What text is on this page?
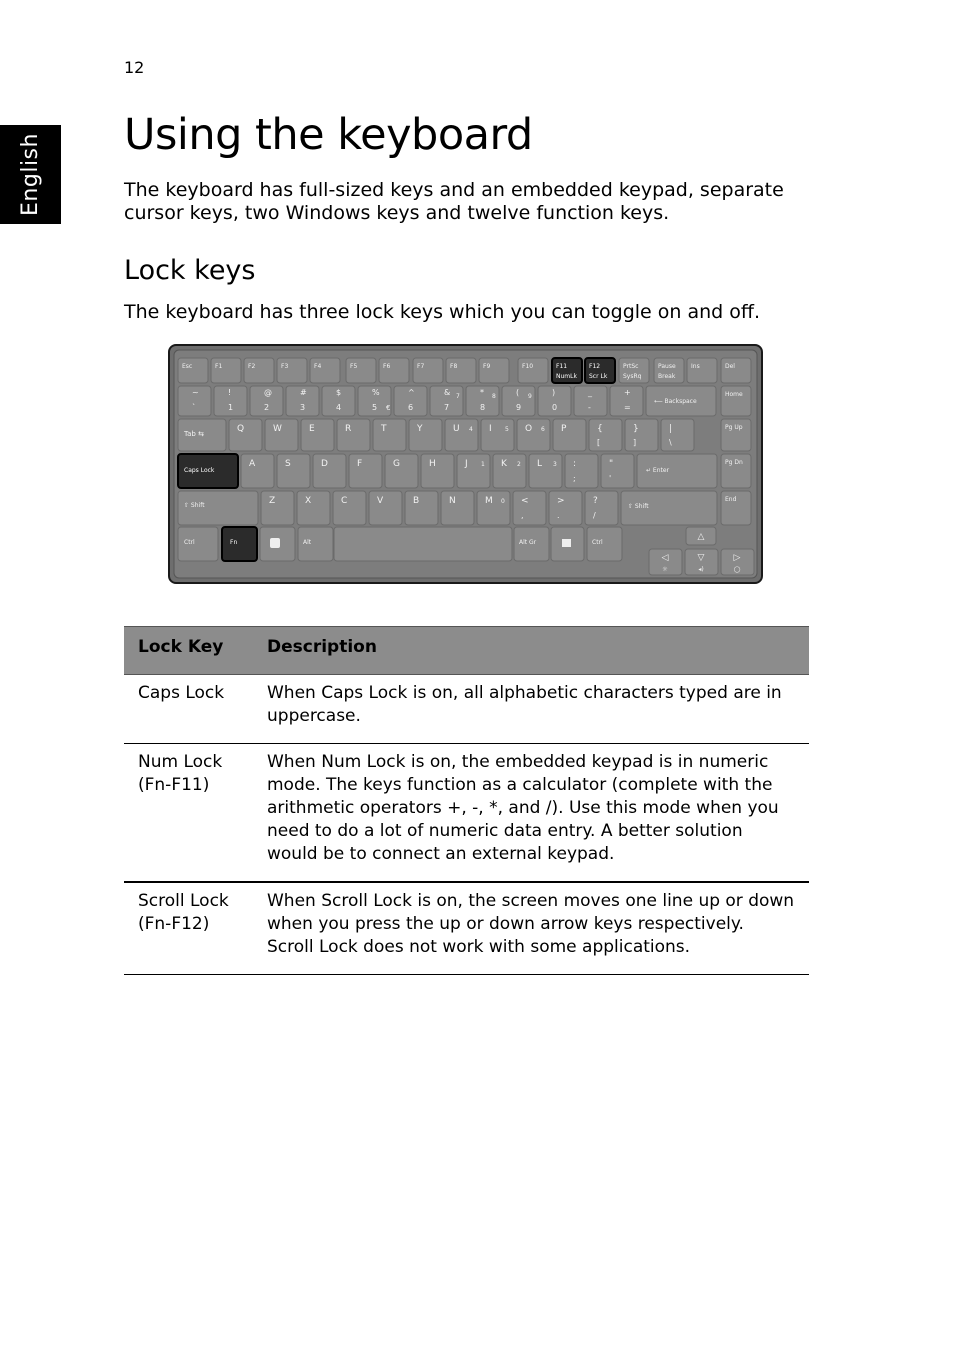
12
English Using the keyboard

The keyboard has full-sized keys and an embedded keypad, separate cursor keys, two Windows keys and twelve function keys.

Lock keys

The keyboard has three lock keys which you can toggle on and off.

Esc	F1	F2	F3	F4	F5	F6	F7	F8	F9	F10	F11
NumLk
F12
Scr Lk
PrtSc
SysRq
Pause
Break
Ins	Del
~
`
!
1
@
2
#
3
$
4
%
5
^
6
&
7
7	*
8
8	(
9
9	)
0
_
-
+
=
€
⟵ Backspace
Home
Tab ⇆	Q	W	E	R	T	Y	U 4 I 5 O 6 P	{
[
}
]
|
\
Pg Up
Caps Lock
A	S	D	F	G	H	J 1 K 2 L 3 :
;
"
'
↵ Enter
Pg Dn
⇧ Shift	Z	X	C	V	B	N	M 0 <
,
>
.
?
/
⇧ Shift
End
Ctrl	Fn	Alt	Alt Gr	Ctrl
△
◁
☼
▽
◂)
▷
◯
Lock Key	Description
Caps Lock	When Caps Lock is on, all alphabetic characters typed are in uppercase.
Num Lock
(Fn-F11)	When Num Lock is on, the embedded keypad is in numeric mode. The keys function as a calculator (complete with the arithmetic operators +, -, *, and /). Use this mode when you need to do a lot of numeric data entry. A better solution would be to connect an external keypad.
Scroll Lock
(Fn-F12)	When Scroll Lock is on, the screen moves one line up or down when you press the up or down arrow keys respectively. Scroll Lock does not work with some applications.
